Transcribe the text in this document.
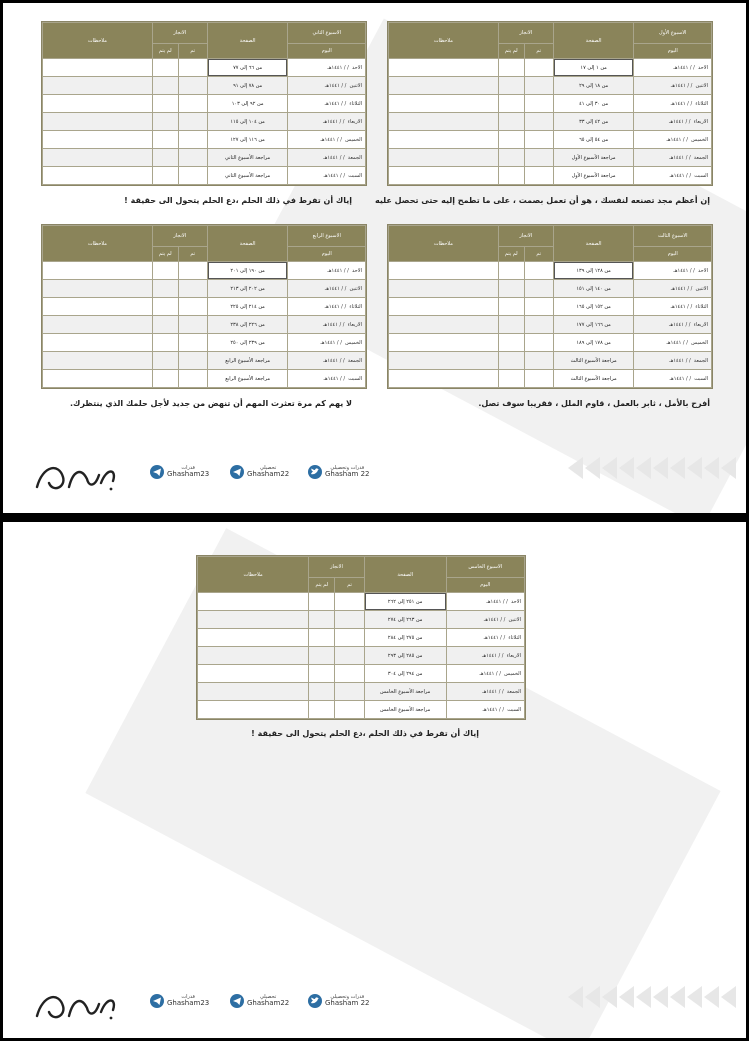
الاسبوع الأول	الصفحة	الانجاز		ملاحظات
اليوم		تم	لم يتم	
الاحد  / / ١٤٤١هـ	من ١ إلى ١٧			
الاثنين  / / ١٤٤١هـ	من ١٨ إلى ٢٩			
الثلاثاء  / / ١٤٤١هـ	من ٣٠ إلى ٤١			
الاربعاء  / / ١٤٤١هـ	من ٤٢ إلى ٣٣			
الخميس  / / ١٤٤١هـ	من ٥٤ إلى ٦٥			
الجمعة  / / ١٤٤١هـ	مراجعة الأسبوع الأول			
السبت  / / ١٤٤١هـ	مراجعة الأسبوع الأول			
الاسبوع الثاني	الصفحة	الانجاز		ملاحظات
اليوم		تم	لم يتم	
الاحد  / / ١٤٤١هـ	من ٦٦ إلى ٧٧			
الاثنين  / / ١٤٤١هـ	من ٧٨ إلى ٩١			
الثلاثاء  / / ١٤٤١هـ	من ٩٢ إلى ١٠٣			
الاربعاء  / / ١٤٤١هـ	من ١٠٤ إلى ١١٥			
الخميس  / / ١٤٤١هـ	من ١١٦ إلى ١٢٧			
الجمعة  / / ١٤٤١هـ	مراجعة الأسبوع الثاني			
السبت  / / ١٤٤١هـ	مراجعة الأسبوع الثاني			
إن أعظم مجد تصنعه لنفسك ، هو أن تعمل بصمت ، على ما تطمح إليه حتى تحصل عليه
إياك أن تفرط في ذلك الحلم ،دع الحلم يتحول الى حقيقة !
الاسبوع الثالث	الصفحة	الانجاز		ملاحظات
اليوم		تم	لم يتم	
الاحد  / / ١٤٤١هـ	من ١٢٨ إلى ١٣٩			
الاثنين  / / ١٤٤١هـ	من ١٤٠ إلى ١٥١			
الثلاثاء  / / ١٤٤١هـ	من ١٥٢ إلى ١٦٥			
الاربعاء  / / ١٤٤١هـ	من ١٦٦ إلى ١٧٧			
الخميس  / / ١٤٤١هـ	من ١٧٨ إلى ١٨٩			
الجمعة  / / ١٤٤١هـ	مراجعة الأسبوع الثالث			
السبت  / / ١٤٤١هـ	مراجعة الأسبوع الثالث			
الاسبوع الرابع	الصفحة	الانجاز		ملاحظات
اليوم		تم	لم يتم	
الاحد  / / ١٤٤١هـ	من ١٩٠ إلى ٢٠١			
الاثنين  / / ١٤٤١هـ	من ٢٠٢ إلى ٢١٣			
الثلاثاء  / / ١٤٤١هـ	من ٢١٤ إلى ٢٢٥			
الاربعاء  / / ١٤٤١هـ	من ٢٢٦ إلى ٢٣٨			
الخميس  / / ١٤٤١هـ	من ٢٣٩ إلى ٢٥٠			
الجمعة  / / ١٤٤١هـ	مراجعة الأسبوع الرابع			
السبت  / / ١٤٤١هـ	مراجعة الأسبوع الرابع			
أفرح بالأمل ، ثابر بالعمل ، قاوم الملل ، فقريبا سوف تصل.
لا يهم كم مرة تعثرت المهم أن تنهض من جديد لأجل حلمك الذي ينتظرك.
قدرات
Ghasham23
تحصيلي
Ghasham22
قدرات وتحصيلي
Ghasham 22
الاسبوع الخامس	الصفحة	الانجاز		ملاحظات
اليوم		تم	لم يتم	
الاحد  / / ١٤٤١هـ	من ٢٥١ إلى ٢٦٢			
الاثنين  / / ١٤٤١هـ	من ٢٦٣ إلى ٢٧٤			
الثلاثاء  / / ١٤٤١هـ	من ٢٧٥ إلى ٢٨٤			
الاربعاء  / / ١٤٤١هـ	من ٢٨٥ إلى ٢٩٣			
الخميس  / / ١٤٤١هـ	من ٢٩٤ إلى ٣٠٤			
الجمعة  / / ١٤٤١هـ	مراجعة الأسبوع الخامس			
السبت  / / ١٤٤١هـ	مراجعة الأسبوع الخامس			
إياك أن تفرط في ذلك الحلم ،دع الحلم يتحول الى حقيقة !
قدرات
Ghasham23
تحصيلي
Ghasham22
قدرات وتحصيلي
Ghasham 22
